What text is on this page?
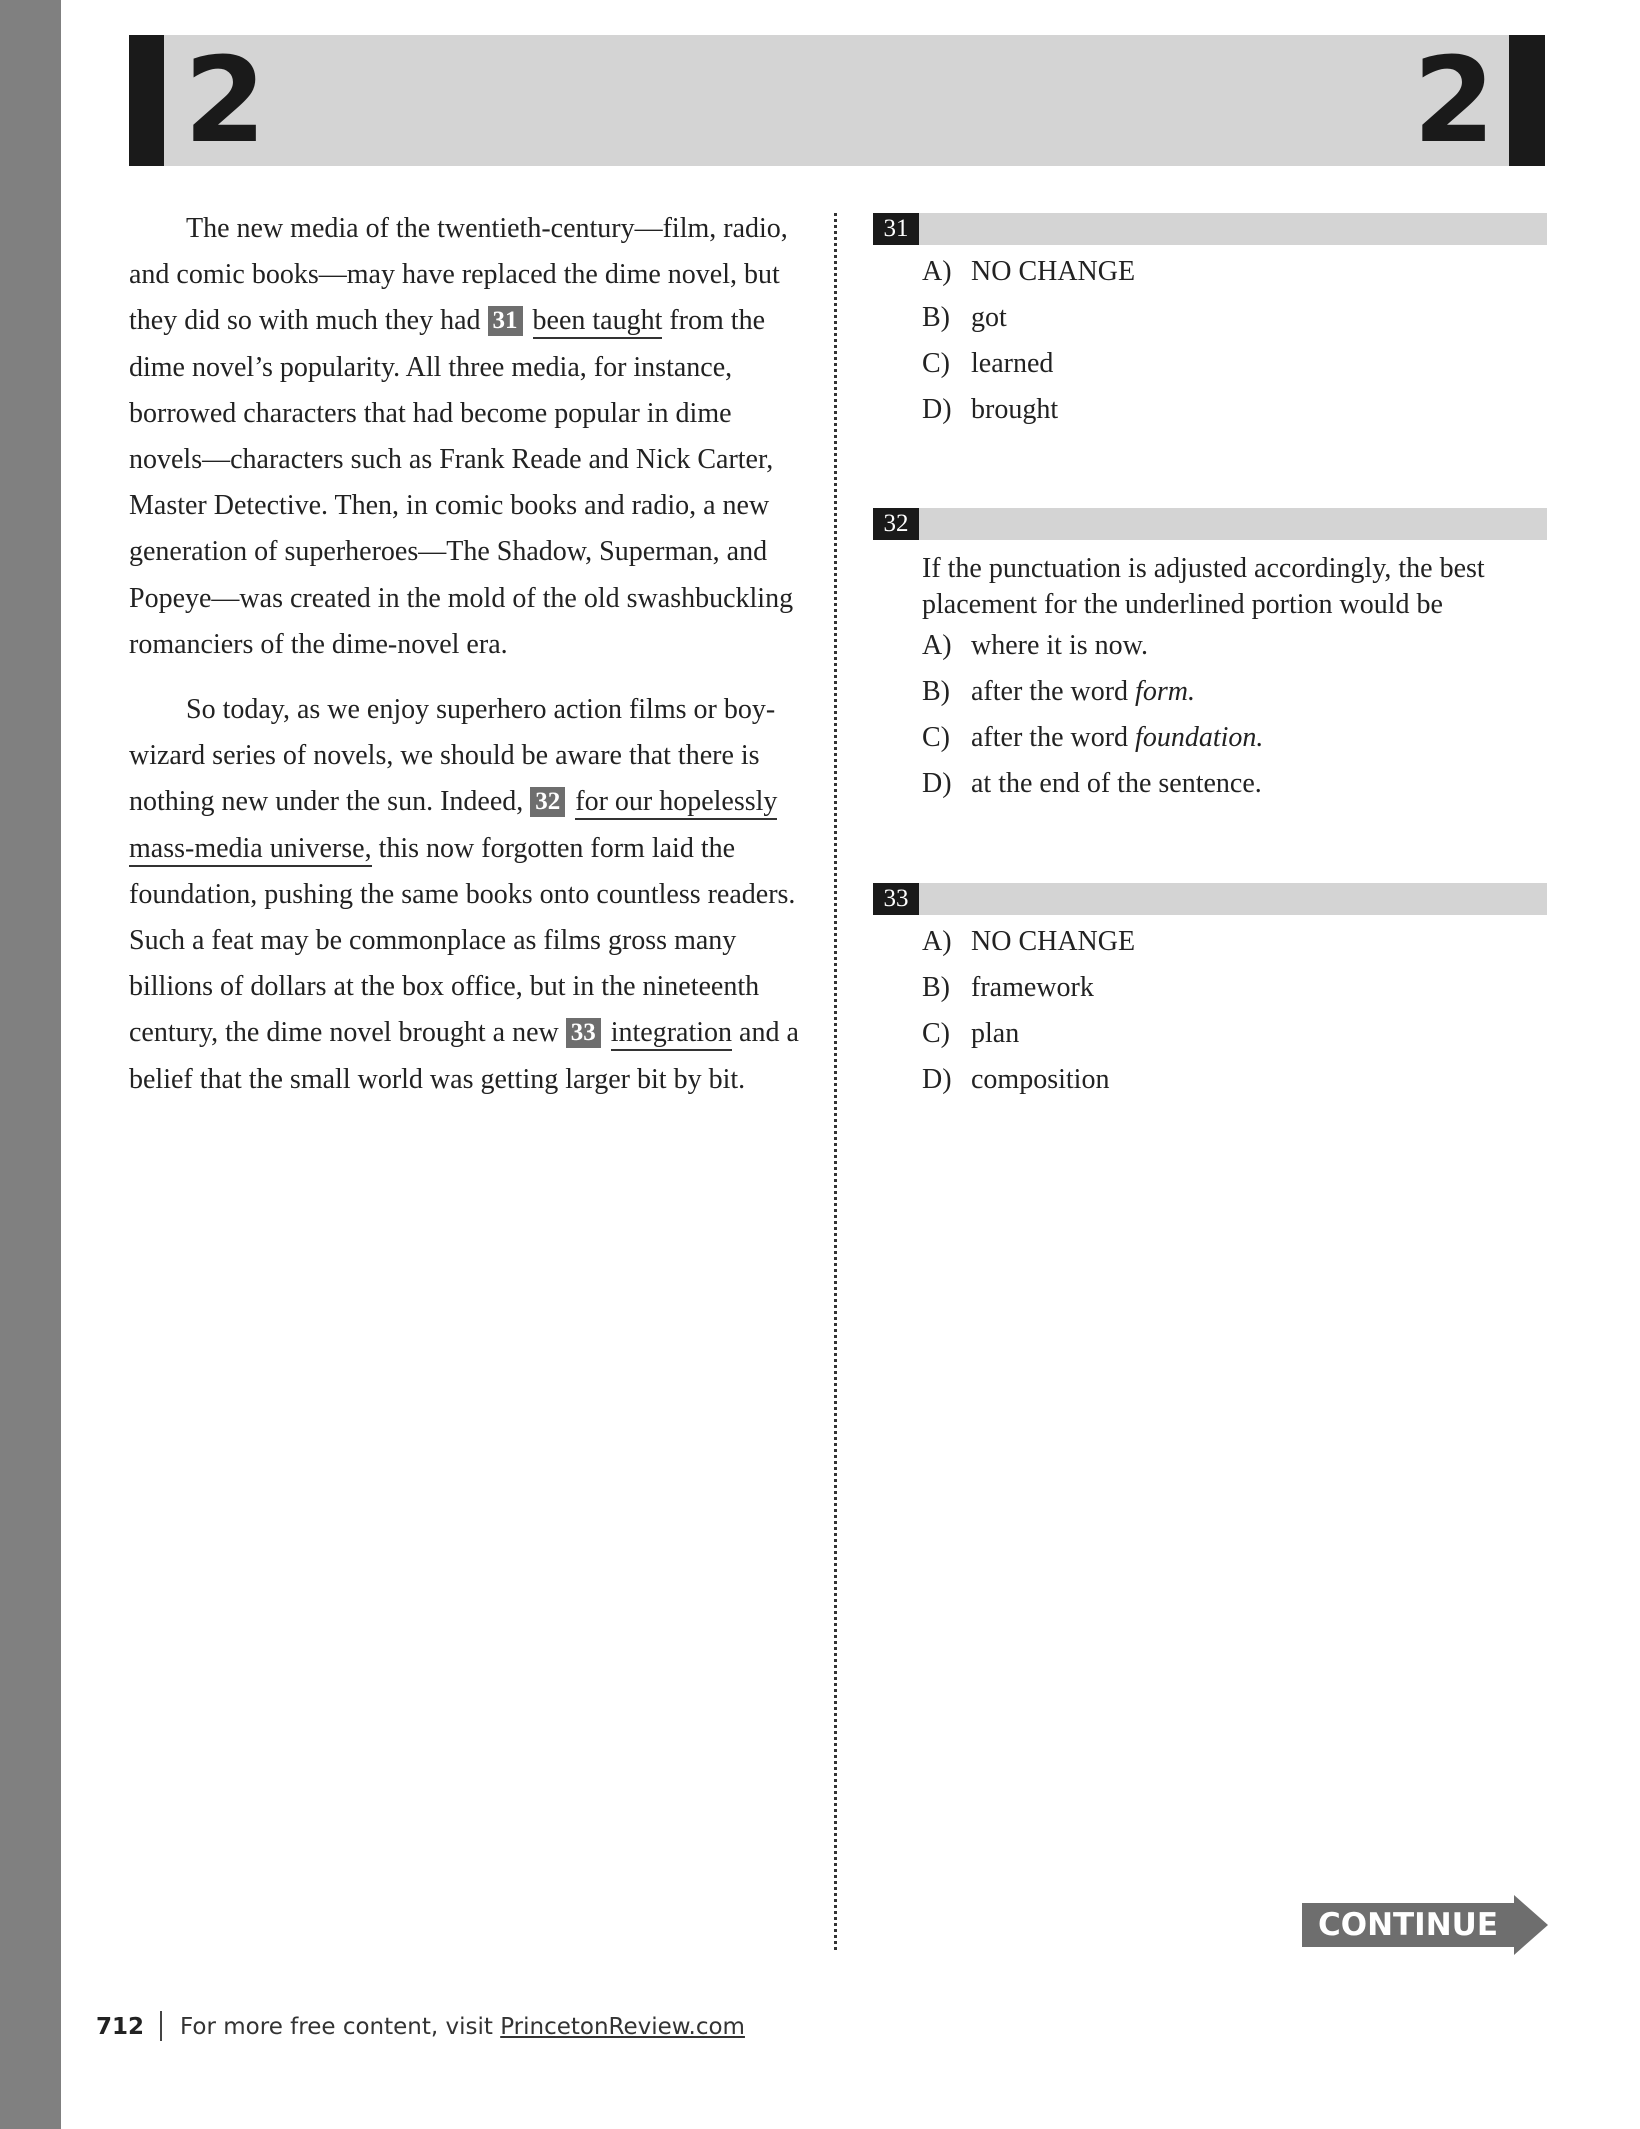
2	2

The new media of the twentieth-century—film, radio, and comic books—may have replaced the dime novel, but they did so with much they had 31 been taught from the dime novel’s popularity. All three media, for instance, borrowed characters that had become popular in dime novels—characters such as Frank Reade and Nick Carter, Master Detective. Then, in comic books and radio, a new generation of superheroes—The Shadow, Superman, and Popeye—was created in the mold of the old swashbuckling romanciers of the dime-novel era.

So today, as we enjoy superhero action films or boy-wizard series of novels, we should be aware that there is nothing new under the sun. Indeed, 32 for our hopelessly mass-media universe, this now forgotten form laid the foundation, pushing the same books onto countless readers. Such a feat may be commonplace as films gross many billions of dollars at the box office, but in the nineteenth century, the dime novel brought a new 33 integration and a belief that the small world was getting larger bit by bit.

31
A) NO CHANGE
B) got
C) learned
D) brought
32
If the punctuation is adjusted accordingly, the best placement for the underlined portion would be
A) where it is now.
B) after the word form.
C) after the word foundation.
D) at the end of the sentence.
33
A) NO CHANGE
B) framework
C) plan
D) composition
CONTINUE
712 For more free content, visit PrincetonReview.com
